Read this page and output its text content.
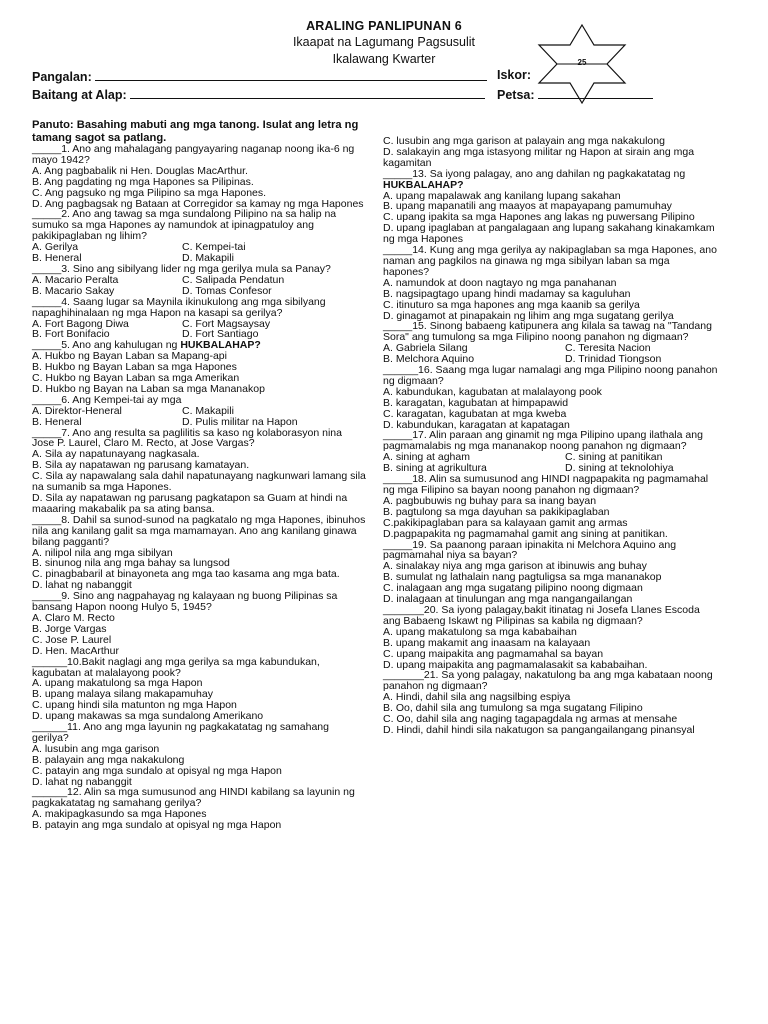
ARALING PANLIPUNAN 6
Ikaapat na Lagumang Pagsusulit
Ikalawang Kwarter	25
Pangalan:	Iskor:
Baitang at Alap:	Petsa:
Panuto: Basahing mabuti ang mga tanong. Isulat ang letra ng tamang sagot sa patlang.
_____1. Ano ang mahalagang pangyayaring naganap noong ika-6 ng mayo 1942?
A. Ang pagbabalik ni Hen. Douglas MacArthur.
B. Ang pagdating ng mga Hapones sa Pilipinas.
C. Ang pagsuko ng mga Pilipino sa mga Hapones.
D. Ang pagbagsak ng Bataan at Corregidor sa kamay ng mga Hapones
_____2. Ano ang tawag sa mga sundalong Pilipino na sa halip na sumuko sa mga Hapones ay namundok at ipinagpatuloy ang pakikipaglaban ng lihim?
A. Gerilya	C. Kempei-tai
B. Heneral	D. Makapili
_____3. Sino ang sibilyang lider ng mga gerilya mula sa Panay?
A. Macario Peralta	C. Salipada Pendatun
B. Macario Sakay	D. Tomas Confesor
_____4. Saang lugar sa Maynila ikinukulong ang mga sibilyang napaghihinalaan ng mga Hapon na kasapi sa gerilya?
A. Fort Bagong Diwa	C. Fort Magsaysay
B. Fort Bonifacio	D. Fort Santiago
_____5. Ano ang kahulugan ng HUKBALAHAP?
A. Hukbo ng Bayan Laban sa Mapang-api
B. Hukbo ng Bayan Laban sa mga Hapones
C. Hukbo ng Bayan Laban sa mga Amerikan
D. Hukbo ng Bayan na Laban sa mga Mananakop
_____6. Ang Kempei-tai ay mga
A. Direktor-Heneral	C. Makapili
B. Heneral	D. Pulis militar na Hapon
_____7. Ano ang resulta sa paglilitis sa kaso ng kolaborasyon nina Jose P. Laurel, Claro M. Recto, at Jose Vargas?
A. Sila ay napatunayang nagkasala.
B. Sila ay napatawan ng parusang kamatayan.
C. Sila ay napawalang sala dahil napatunayang nagkunwari lamang sila na sumanib sa mga Hapones.
D. Sila ay napatawan ng parusang pagkatapon sa Guam at hindi na maaaring makabalik pa sa ating bansa.
_____8. Dahil sa sunod-sunod na pagkatalo ng mga Hapones, ibinuhos nila ang kanilang galit sa mga mamamayan. Ano ang kanilang ginawa bilang pagganti?
A. nilipol nila ang mga sibilyan
B. sinunog nila ang mga bahay sa lungsod
C. pinagbabaril at binayoneta ang mga tao kasama ang mga bata.
D. lahat ng nabanggit
_____9. Sino ang nagpahayag ng kalayaan ng buong Pilipinas sa bansang Hapon noong Hulyo 5, 1945?
A. Claro M. Recto
B. Jorge Vargas
C. Jose P. Laurel
D. Hen. MacArthur
______10.Bakit naglagi ang mga gerilya sa mga kabundukan, kagubatan at malalayong pook?
A. upang makatulong sa mga Hapon
B. upang malaya silang makapamuhay
C. upang hindi sila matunton ng mga Hapon
D. upang makawas sa mga sundalong Amerikano
______11. Ano ang mga layunin ng pagkakatatag ng samahang gerilya?
A. lusubin ang mga garison
B. palayain ang mga nakakulong
C. patayin ang mga sundalo at opisyal ng mga Hapon
D. lahat ng nabanggit
______12. Alin sa mga sumusunod ang HINDI kabilang sa layunin ng pagkakatatag ng samahang gerilya?
A. makipagkasundo sa mga Hapones
B. patayin ang mga sundalo at opisyal ng mga Hapon
C. lusubin ang mga garison at palayain ang mga nakakulong
D. salakayin ang mga istasyong militar ng Hapon at sirain ang mga kagamitan
_____13. Sa iyong palagay, ano ang dahilan ng pagkakatatag ng HUKBALAHAP?
A. upang mapalawak ang kanilang lupang sakahan
B. upang mapanatili ang maayos at mapayapang pamumuhay
C. upang ipakita sa mga Hapones ang lakas ng puwersang Pilipino
D. upang ipaglaban at pangalagaan ang lupang sakahang kinakamkam ng mga Hapones
_____14. Kung ang mga gerilya ay nakipaglaban sa mga Hapones, ano naman ang pagkilos na ginawa ng mga sibilyan laban sa mga hapones?
A. namundok at doon nagtayo ng mga panahanan
B. nagsipagtago upang hindi madamay sa kaguluhan
C. itinuturo sa mga hapones ang mga kaanib sa gerilya
D. ginagamot at pinapakain ng lihim ang mga sugatang gerilya
_____15. Sinong babaeng katipunera ang kilala sa tawag na "Tandang Sora" ang tumulong sa mga Filipino noong panahon ng digmaan?
A. Gabriela Silang	C. Teresita Nacion
B. Melchora Aquino	D. Trinidad Tiongson
______16. Saang mga lugar namalagi ang mga Pilipino noong panahon ng digmaan?
A. kabundukan, kagubatan at malalayong pook
B. karagatan, kagubatan at himpapawid
C. karagatan, kagubatan at mga kweba
D. kabundukan, karagatan at kapatagan
_____17. Alin paraan ang ginamit ng mga Pilipino upang ilathala ang pagmamalabis ng mga mananakop noong panahon ng digmaan?
A. sining at agham	C. sining at panitikan
B. sining at agrikultura	D. sining at teknolohiya
_____18. Alin sa sumusunod ang HINDI nagpapakita ng pagmamahal ng mga Filipino sa bayan noong panahon ng digmaan?
A. pagbubuwis ng buhay para sa inang bayan
B. pagtulong sa mga dayuhan sa pakikipaglaban
C.pakikipaglaban para sa kalayaan gamit ang armas
D.pagpapakita ng pagmamahal gamit ang sining at panitikan.
_____19. Sa paanong paraan ipinakita ni Melchora Aquino ang pagmamahal niya sa bayan?
A. sinalakay niya ang mga garison at ibinuwis ang buhay
B. sumulat ng lathalain nang pagtuligsa sa mga mananakop
C. inalagaan ang mga sugatang pilipino noong digmaan
D. inalagaan at tinulungan ang mga nangangailangan
_______20. Sa iyong palagay,bakit itinatag ni Josefa Llanes Escoda ang Babaeng Iskawt ng Pilipinas sa kabila ng digmaan?
A. upang makatulong sa mga kababaihan
B. upang makamit ang inaasam na kalayaan
C. upang maipakita ang pagmamahal sa bayan
D. upang maipakita ang pagmamalasakit sa kababaihan.
_______21. Sa yong palagay, nakatulong ba ang mga kabataan noong panahon ng digmaan?
A. Hindi, dahil sila ang nagsilbing espiya
B. Oo, dahil sila ang tumulong sa mga sugatang Filipino
C. Oo, dahil sila ang naging tagapagdala ng armas at mensahe
D. Hindi, dahil hindi sila nakatugon sa pangangailangang pinansyal
